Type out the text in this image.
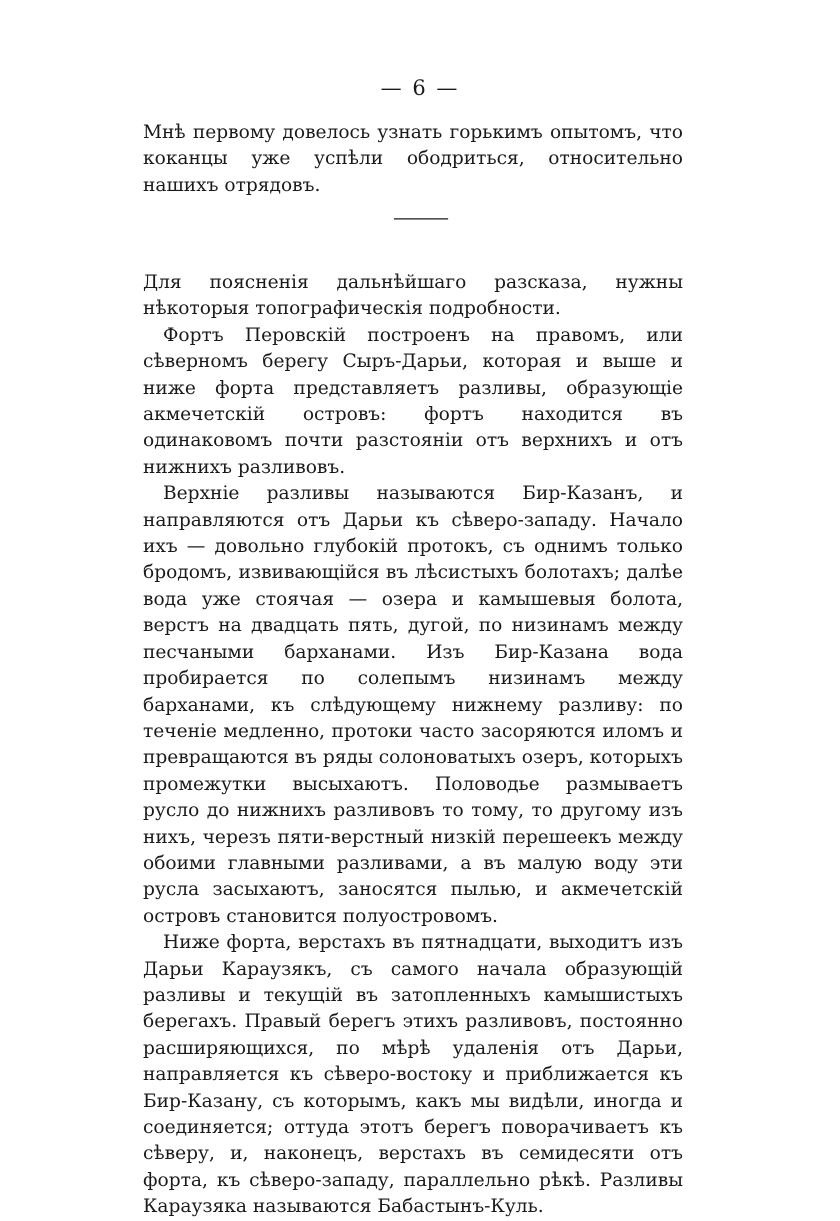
— 6 —

Мнѣ первому довелось узнать горькимъ опытомъ, что коканцы уже успѣли ободриться, относительно нашихъ отрядовъ.

———

Для поясненія дальнѣйшаго разсказа, нужны нѣкоторыя топографическія подробности.

Фортъ Перовскій построенъ на правомъ, или сѣверномъ берегу Сыръ-Дарьи, которая и выше и ниже форта представляетъ разливы, образующіе акмечетскій островъ: фортъ находится въ одинаковомъ почти разстояніи отъ верхнихъ и отъ нижнихъ разливовъ.

Верхніе разливы называются Бир-Казанъ, и направляются отъ Дарьи къ сѣверо-западу. Начало ихъ — довольно глубокій протокъ, съ однимъ только бродомъ, извивающійся въ лѣсистыхъ болотахъ; далѣе вода уже стоячая — озера и камышевыя болота, верстъ на двадцать пять, дугой, по низинамъ между песчаными барханами. Изъ Бир-Казана вода пробирается по солепымъ низинамъ между барханами, къ слѣдующему нижнему разливу: по теченіе медленно, протоки часто засоряются иломъ и превращаются въ ряды солоноватыхъ озеръ, которыхъ промежутки высыхаютъ. Половодье размываетъ русло до нижнихъ разливовъ то тому, то другому изъ нихъ, черезъ пяти-верстный низкій перешеекъ между обоими главными разливами, а въ малую воду эти русла засыхаютъ, заносятся пылью, и акмечетскій островъ становится полуостровомъ.

Ниже форта, верстахъ въ пятнадцати, выходитъ изъ Дарьи Караузякъ, съ самого начала образующій разливы и текущій въ затопленныхъ камышистыхъ берегахъ. Правый берегъ этихъ разливовъ, постоянно расширяющихся, по мѣрѣ удаленія отъ Дарьи, направляется къ сѣверо-востоку и приближается къ Бир-Казану, съ которымъ, какъ мы видѣли, иногда и соединяется; оттуда этотъ берегъ поворачиваетъ къ сѣверу, и, наконецъ, верстахъ въ семидесяти отъ форта, къ сѣверо-западу, параллельно рѣкѣ. Разливы Караузяка называются Бабастынъ-Куль.
